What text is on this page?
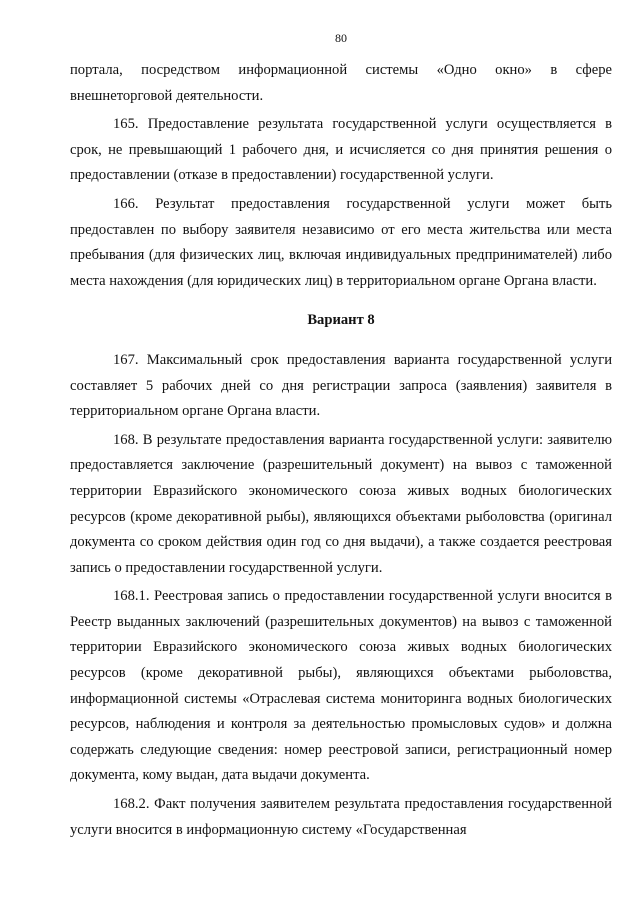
80

портала, посредством информационной системы «Одно окно» в сфере внешнеторговой деятельности.

165. Предоставление результата государственной услуги осуществляется в срок, не превышающий 1 рабочего дня, и исчисляется со дня принятия решения о предоставлении (отказе в предоставлении) государственной услуги.

166. Результат предоставления государственной услуги может быть предоставлен по выбору заявителя независимо от его места жительства или места пребывания (для физических лиц, включая индивидуальных предпринимателей) либо места нахождения (для юридических лиц) в территориальном органе Органа власти.

Вариант 8

167. Максимальный срок предоставления варианта государственной услуги составляет 5 рабочих дней со дня регистрации запроса (заявления) заявителя в территориальном органе Органа власти.

168. В результате предоставления варианта государственной услуги: заявителю предоставляется заключение (разрешительный документ) на вывоз с таможенной территории Евразийского экономического союза живых водных биологических ресурсов (кроме декоративной рыбы), являющихся объектами рыболовства (оригинал документа со сроком действия один год со дня выдачи), а также создается реестровая запись о предоставлении государственной услуги.

168.1. Реестровая запись о предоставлении государственной услуги вносится в Реестр выданных заключений (разрешительных документов) на вывоз с таможенной территории Евразийского экономического союза живых водных биологических ресурсов (кроме декоративной рыбы), являющихся объектами рыболовства, информационной системы «Отраслевая система мониторинга водных биологических ресурсов, наблюдения и контроля за деятельностью промысловых судов» и должна содержать следующие сведения: номер реестровой записи, регистрационный номер документа, кому выдан, дата выдачи документа.

168.2. Факт получения заявителем результата предоставления государственной услуги вносится в информационную систему «Государственная
